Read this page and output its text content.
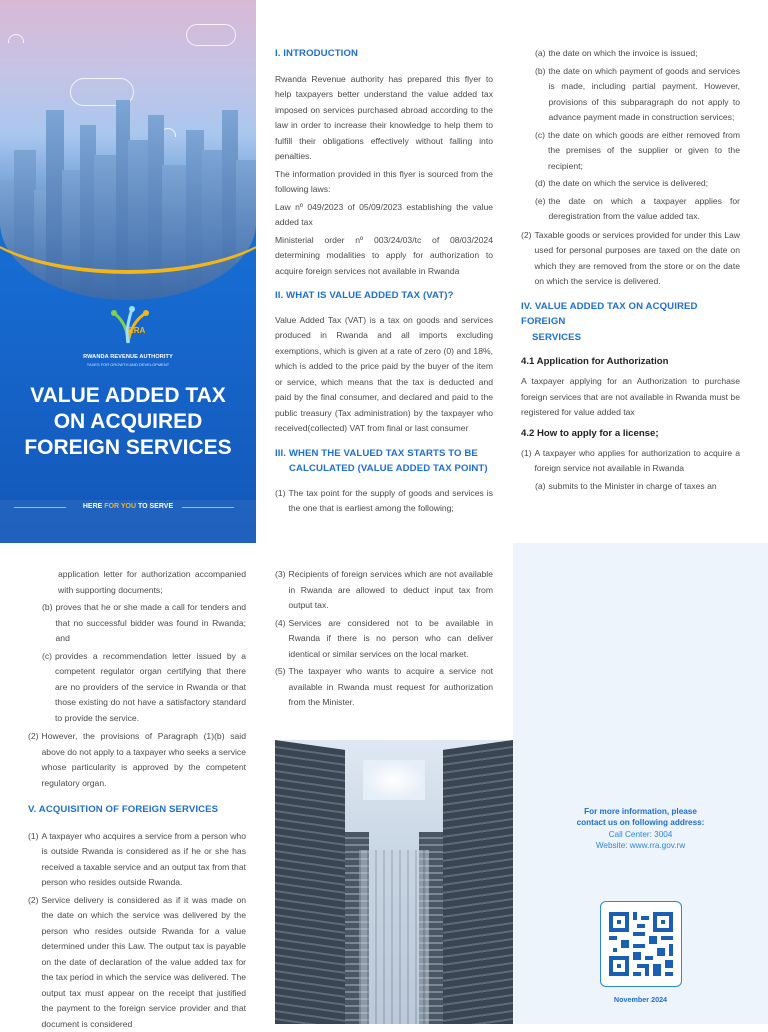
RRA
RWANDA REVENUE AUTHORITY
TAXES FOR GROWTH AND DEVELOPMENT
VALUE ADDED TAX
ON ACQUIRED
FOREIGN SERVICES
HERE FOR YOU TO SERVE
I. INTRODUCTION

Rwanda Revenue authority has prepared this flyer to help taxpayers better understand the value added tax imposed on services purchased abroad according to the law in order to increase their knowledge to help them to fulfill their obligations effectively without falling into penalties.

The information provided in this flyer is sourced from the following laws:

Law nº 049/2023 of 05/09/2023 establishing the value added tax

Ministerial order nº 003/24/03/tc of 08/03/2024 determining modalities to apply for authorization to acquire foreign services not available in Rwanda

II. WHAT IS VALUE ADDED TAX (VAT)?

Value Added Tax (VAT) is a tax on goods and services produced in Rwanda and all imports excluding exemptions, which is given at a rate of zero (0) and 18%, which is added to the price paid by the buyer of the item or service, which means that the tax is deducted and paid by the final consumer, and declared and paid to the public treasury (Tax administration) by the taxpayer who received(collected) VAT from final or last consumer

III. WHEN THE VALUED TAX STARTS TO BE
CALCULATED (VALUE ADDED TAX POINT)
(1) The tax point for the supply of goods and services is the one that is earliest among the following;
(a) the date on which the invoice is issued;
(b) the date on which payment of goods and services is made, including partial payment. However, provisions of this subparagraph do not apply to advance payment made in construction services;
(c) the date on which goods are either removed from the premises of the supplier or given to the recipient;
(d) the date on which the service is delivered;
(e) the date on which a taxpayer applies for deregistration from the value added tax.
(2) Taxable goods or services provided for under this Law used for personal purposes are taxed on the date on which they are removed from the store or on the date on which the service is delivered.
IV. VALUE ADDED TAX ON ACQUIRED FOREIGN
SERVICES
4.1 Application for Authorization

A taxpayer applying for an Authorization to purchase foreign services that are not available in Rwanda must be registered for value added tax

4.2 How to apply for a license;
(1) A taxpayer who applies for authorization to acquire a foreign service not available in Rwanda
(a) submits to the Minister in charge of taxes an

application letter for authorization accompanied with supporting documents;

(b) proves that he or she made a call for tenders and that no successful bidder was found in Rwanda; and
(c) provides a recommendation letter issued by a competent regulator organ certifying that there are no providers of the service in Rwanda or that those existing do not have a satisfactory standard to provide the service.
(2) However, the provisions of Paragraph (1)(b) said above do not apply to a taxpayer who seeks a service whose particularity is approved by the competent regulatory organ.
V. ACQUISITION OF FOREIGN SERVICES
(1) A taxpayer who acquires a service from a person who is outside Rwanda is considered as if he or she has received a taxable service and an output tax from that person who resides outside Rwanda.
(2) Service delivery is considered as if it was made on the date on which the service was delivered by the person who resides outside Rwanda for a value determined under this Law. The output tax is payable on the date of declaration of the value added tax for the tax period in which the service was delivered. The output tax must appear on the receipt that justified the payment to the foreign service provider and that document is considered
(3) Recipients of foreign services which are not available in Rwanda are allowed to deduct input tax from output tax.
(4) Services are considered not to be available in Rwanda if there is no person who can deliver identical or similar services on the local market.
(5) The taxpayer who wants to acquire a service not available in Rwanda must request for authorization from the Minister.
For more information, please
contact us on following address:
Call Center: 3004
Website: www.rra.gov.rw
November 2024
